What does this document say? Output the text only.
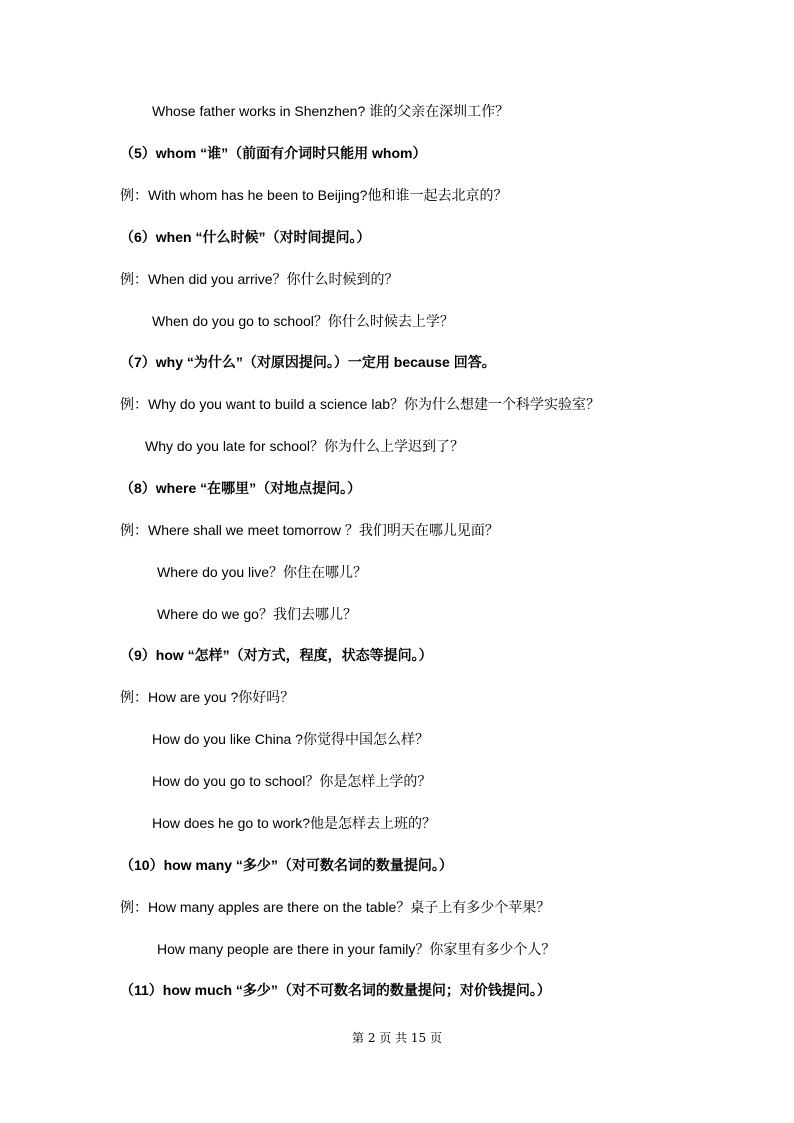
Whose father works in Shenzhen? 谁的父亲在深圳工作？
（5）whom “谁”（前面有介词时只能用 whom）
例：With whom has he been to Beijing?他和谁一起去北京的？
（6）when “什么时候”（对时间提问。）
例：When did you arrive？你什么时候到的？
When do you go to school？你什么时候去上学？
（7）why “为什么”（对原因提问。）一定用 because 回答。
例：Why do you want to build a science lab？你为什么想建一个科学实验室？
Why do you late for school？你为什么上学迟到了？
（8）where “在哪里”（对地点提问。）
例：Where shall we meet tomorrow ？我们明天在哪儿见面？
Where do you live？你住在哪儿？
Where do we go？我们去哪儿？
（9）how “怎样”（对方式，程度，状态等提问。）
例：How are you ?你好吗？
How do you like China ?你觉得中国怎么样？
How do you go to school？你是怎样上学的？
How does he go to work?他是怎样去上班的？
（10）how many “多少”（对可数名词的数量提问。）
例：How many apples are there on the table？桌子上有多少个苹果？
How many people are there in your family？你家里有多少个人？
（11）how much “多少”（对不可数名词的数量提问；对价钱提问。）
第 2 页 共 15 页
